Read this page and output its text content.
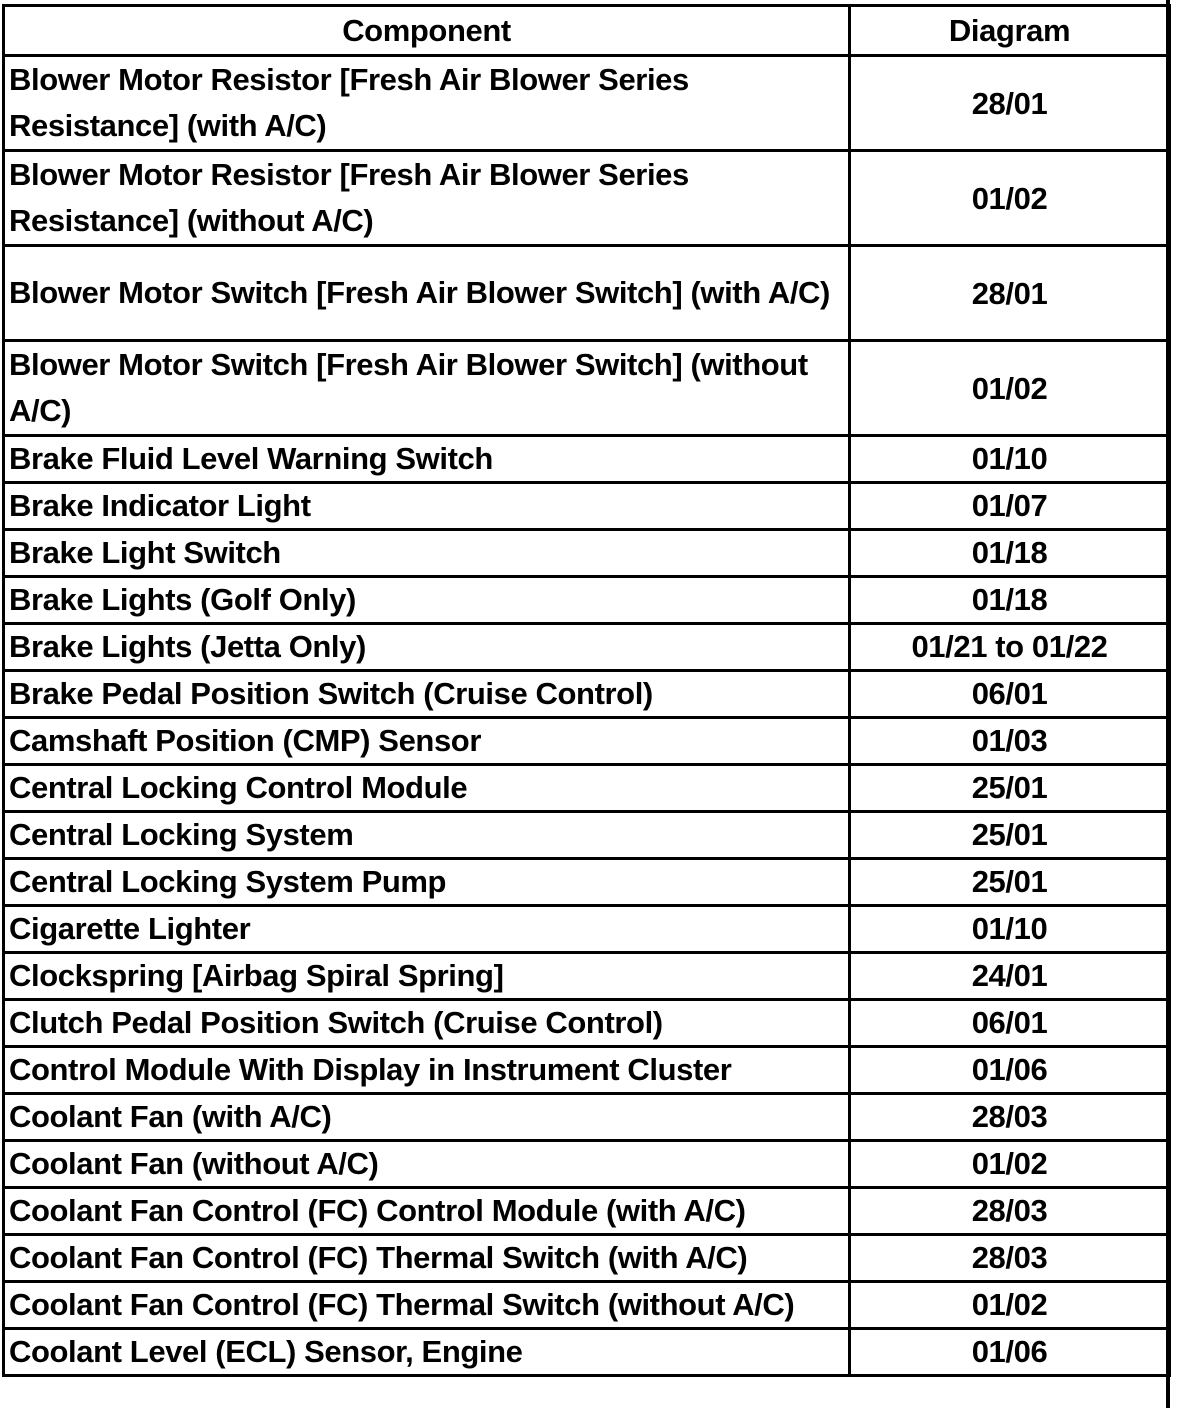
Component	Diagram
Blower Motor Resistor [Fresh Air Blower Series Resistance] (with A/C)	28/01
Blower Motor Resistor [Fresh Air Blower Series Resistance] (without A/C)	01/02
Blower Motor Switch [Fresh Air Blower Switch] (with A/C)	28/01
Blower Motor Switch [Fresh Air Blower Switch] (without A/C)	01/02
Brake Fluid Level Warning Switch	01/10
Brake Indicator Light	01/07
Brake Light Switch	01/18
Brake Lights (Golf Only)	01/18
Brake Lights (Jetta Only)	01/21 to 01/22
Brake Pedal Position Switch (Cruise Control)	06/01
Camshaft Position (CMP) Sensor	01/03
Central Locking Control Module	25/01
Central Locking System	25/01
Central Locking System Pump	25/01
Cigarette Lighter	01/10
Clockspring [Airbag Spiral Spring]	24/01
Clutch Pedal Position Switch (Cruise Control)	06/01
Control Module With Display in Instrument Cluster	01/06
Coolant Fan (with A/C)	28/03
Coolant Fan (without A/C)	01/02
Coolant Fan Control (FC) Control Module (with A/C)	28/03
Coolant Fan Control (FC) Thermal Switch (with A/C)	28/03
Coolant Fan Control (FC) Thermal Switch (without A/C)	01/02
Coolant Level (ECL) Sensor, Engine	01/06
